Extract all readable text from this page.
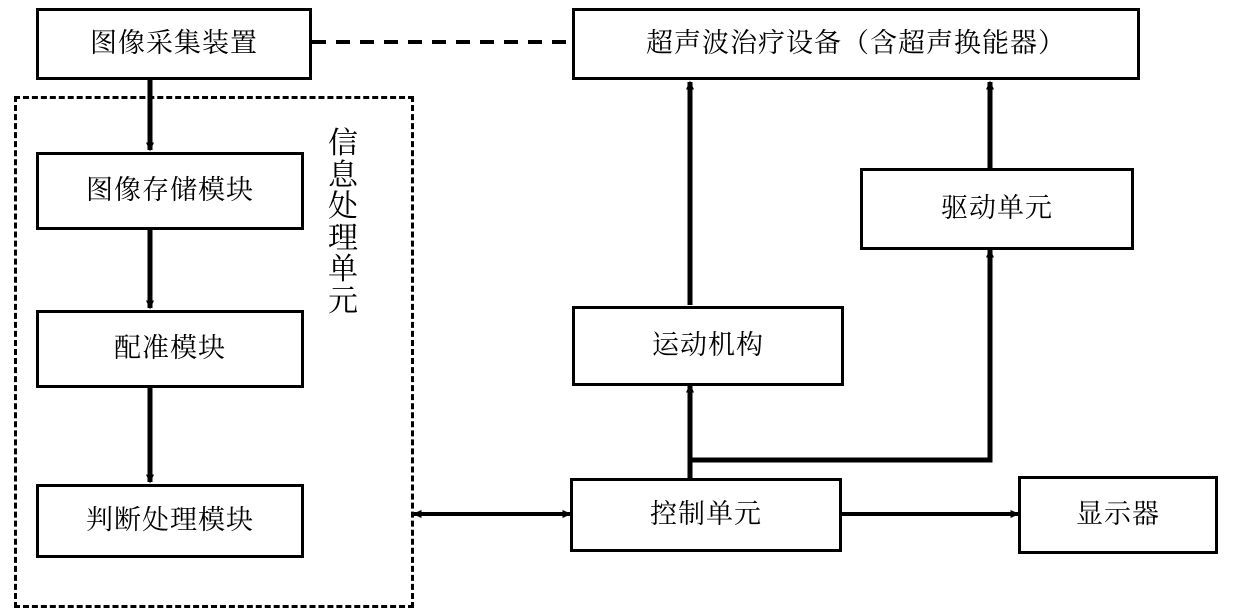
图像采集装置	超声波治疗设备（含超声换能器）
图像存储模块
配准模块
判断处理模块
信息处理单元
驱动单元
运动机构
控制单元	显示器
